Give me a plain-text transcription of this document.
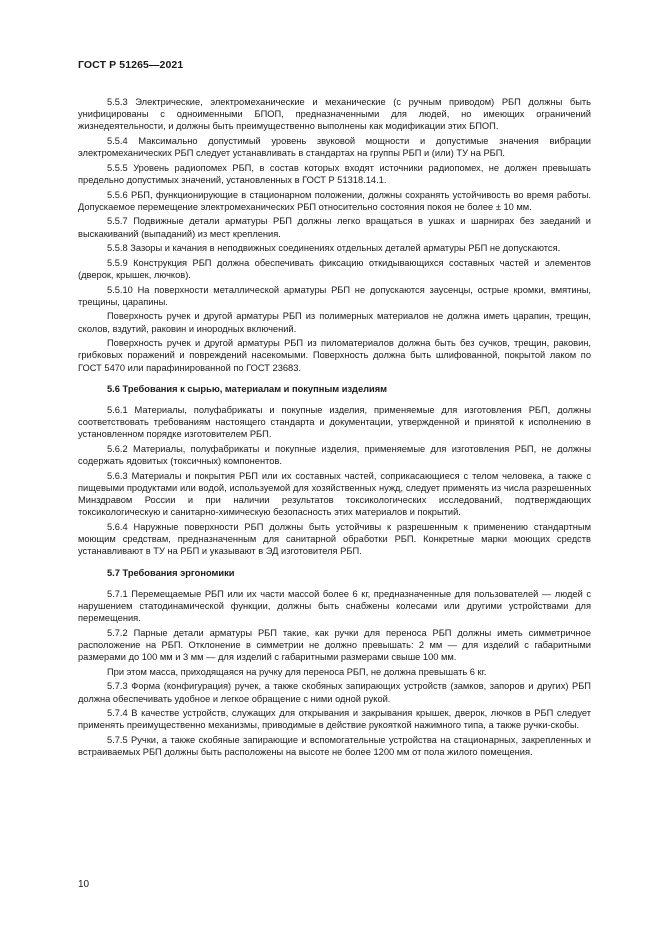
ГОСТ Р 51265—2021

5.5.3 Электрические, электромеханические и механические (с ручным приводом) РБП должны быть унифицированы с одноименными БПОП, предназначенными для людей, но имеющих ограничений жизнедеятельности, и должны быть преимущественно выполнены как модификации этих БПОП.

5.5.4 Максимально допустимый уровень звуковой мощности и допустимые значения вибрации электромеханических РБП следует устанавливать в стандартах на группы РБП и (или) ТУ на РБП.

5.5.5 Уровень радиопомех РБП, в состав которых входят источники радиопомех, не должен превышать предельно допустимых значений, установленных в ГОСТ Р 51318.14.1.

5.5.6 РБП, функционирующие в стационарном положении, должны сохранять устойчивость во время работы. Допускаемое перемещение электромеханических РБП относительно состояния покоя не более ± 10 мм.

5.5.7 Подвижные детали арматуры РБП должны легко вращаться в ушках и шарнирах без заеданий и выскакиваний (выпаданий) из мест крепления.

5.5.8 Зазоры и качания в неподвижных соединениях отдельных деталей арматуры РБП не допускаются.

5.5.9 Конструкция РБП должна обеспечивать фиксацию откидывающихся составных частей и элементов (дверок, крышек, лючков).

5.5.10 На поверхности металлической арматуры РБП не допускаются заусенцы, острые кромки, вмятины, трещины, царапины.

Поверхность ручек и другой арматуры РБП из полимерных материалов не должна иметь царапин, трещин, сколов, вздутий, раковин и инородных включений.

Поверхность ручек и другой арматуры РБП из пиломатериалов должна быть без сучков, трещин, раковин, грибковых поражений и повреждений насекомыми. Поверхность должна быть шлифованной, покрытой лаком по ГОСТ 5470 или парафинированной по ГОСТ 23683.

5.6 Требования к сырью, материалам и покупным изделиям

5.6.1 Материалы, полуфабрикаты и покупные изделия, применяемые для изготовления РБП, должны соответствовать требованиям настоящего стандарта и документации, утвержденной и принятой к исполнению в установленном порядке изготовителем РБП.

5.6.2 Материалы, полуфабрикаты и покупные изделия, применяемые для изготовления РБП, не должны содержать ядовитых (токсичных) компонентов.

5.6.3 Материалы и покрытия РБП или их составных частей, соприкасающиеся с телом человека, а также с пищевыми продуктами или водой, используемой для хозяйственных нужд, следует применять из числа разрешенных Минздравом России и при наличии результатов токсикологических исследований, подтверждающих токсикологическую и санитарно-химическую безопасность этих материалов и покрытий.

5.6.4 Наружные поверхности РБП должны быть устойчивы к разрешенным к применению стандартным моющим средствам, предназначенным для санитарной обработки РБП. Конкретные марки моющих средств устанавливают в ТУ на РБП и указывают в ЭД изготовителя РБП.

5.7 Требования эргономики

5.7.1 Перемещаемые РБП или их части массой более 6 кг, предназначенные для пользователей — людей с нарушением статодинамической функции, должны быть снабжены колесами или другими устройствами для перемещения.

5.7.2 Парные детали арматуры РБП такие, как ручки для переноса РБП должны иметь симметричное расположение на РБП. Отклонение в симметрии не должно превышать: 2 мм — для изделий с габаритными размерами до 100 мм и 3 мм — для изделий с габаритными размерами свыше 100 мм.

При этом масса, приходящаяся на ручку для переноса РБП, не должна превышать 6 кг.

5.7.3 Форма (конфигурация) ручек, а также скобяных запирающих устройств (замков, запоров и других) РБП должна обеспечивать удобное и легкое обращение с ними одной рукой.

5.7.4 В качестве устройств, служащих для открывания и закрывания крышек, дверок, лючков в РБП следует применять преимущественно механизмы, приводимые в действие рукояткой нажимного типа, а также ручки-скобы.

5.7.5 Ручки, а также скобяные запирающие и вспомогательные устройства на стационарных, закрепленных и встраиваемых РБП должны быть расположены на высоте не более 1200 мм от пола жилого помещения.

10
